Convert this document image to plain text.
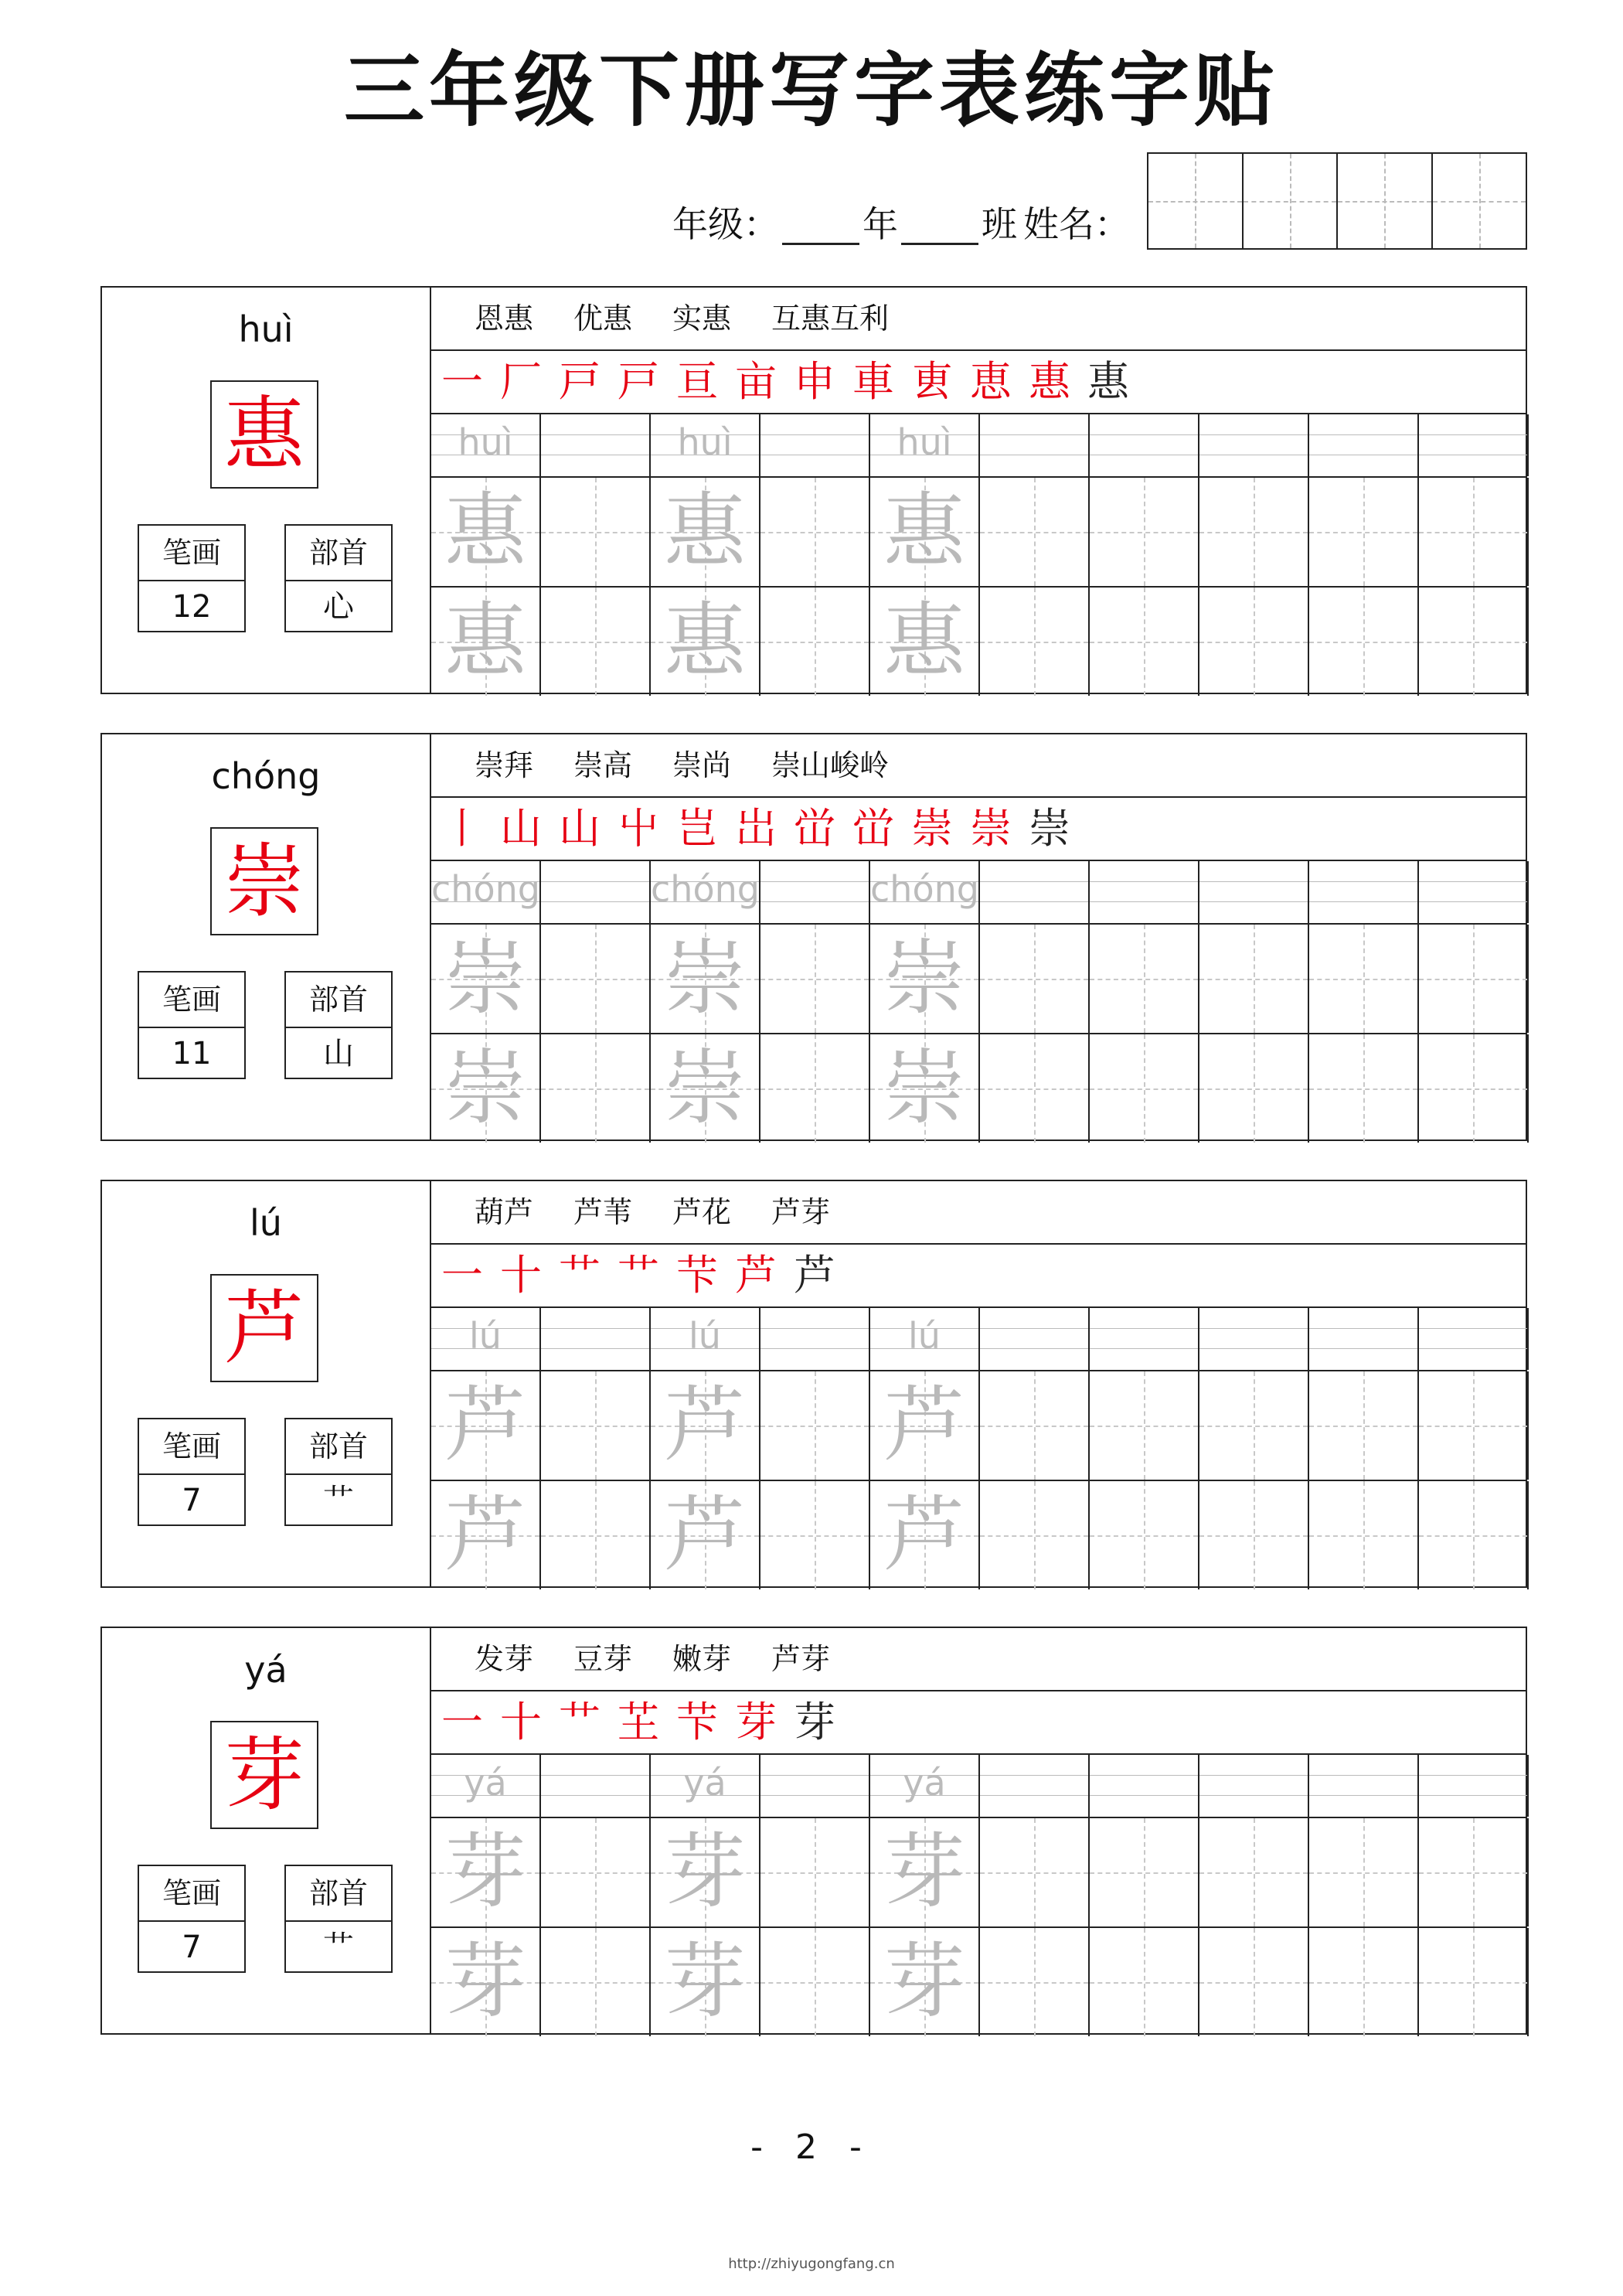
三年级下册写字表练字贴
年级： 年 班 姓名：
huì
惠
笔画
12
部首
心
恩惠 优惠 实惠 互惠互利
一 厂 戸 戸 亘 亩 申 車 叀 恵 惠 惠
huì	huì	huì
惠 惠 惠
惠 惠 惠
chóng
崇
笔画
11
部首
山
崇拜 崇高 崇尚 崇山峻岭
丨 山 山 屮 岂 岀 峃 峃 崇 崇 崇
chóng	chóng	chóng
崇 崇 崇
崇 崇 崇
lú
芦
笔画
7
部首
艹
葫芦 芦苇 芦花 芦芽
一 十 艹 艹 芐 芦 芦
lú	lú	lú
芦 芦 芦
芦 芦 芦
yá
芽
笔画
7
部首
艹
发芽 豆芽 嫩芽 芦芽
一 十 艹 芏 芐 芽 芽
yá	yá	yá
芽 芽 芽
芽 芽 芽
- 2 -
http://zhiyugongfang.cn
